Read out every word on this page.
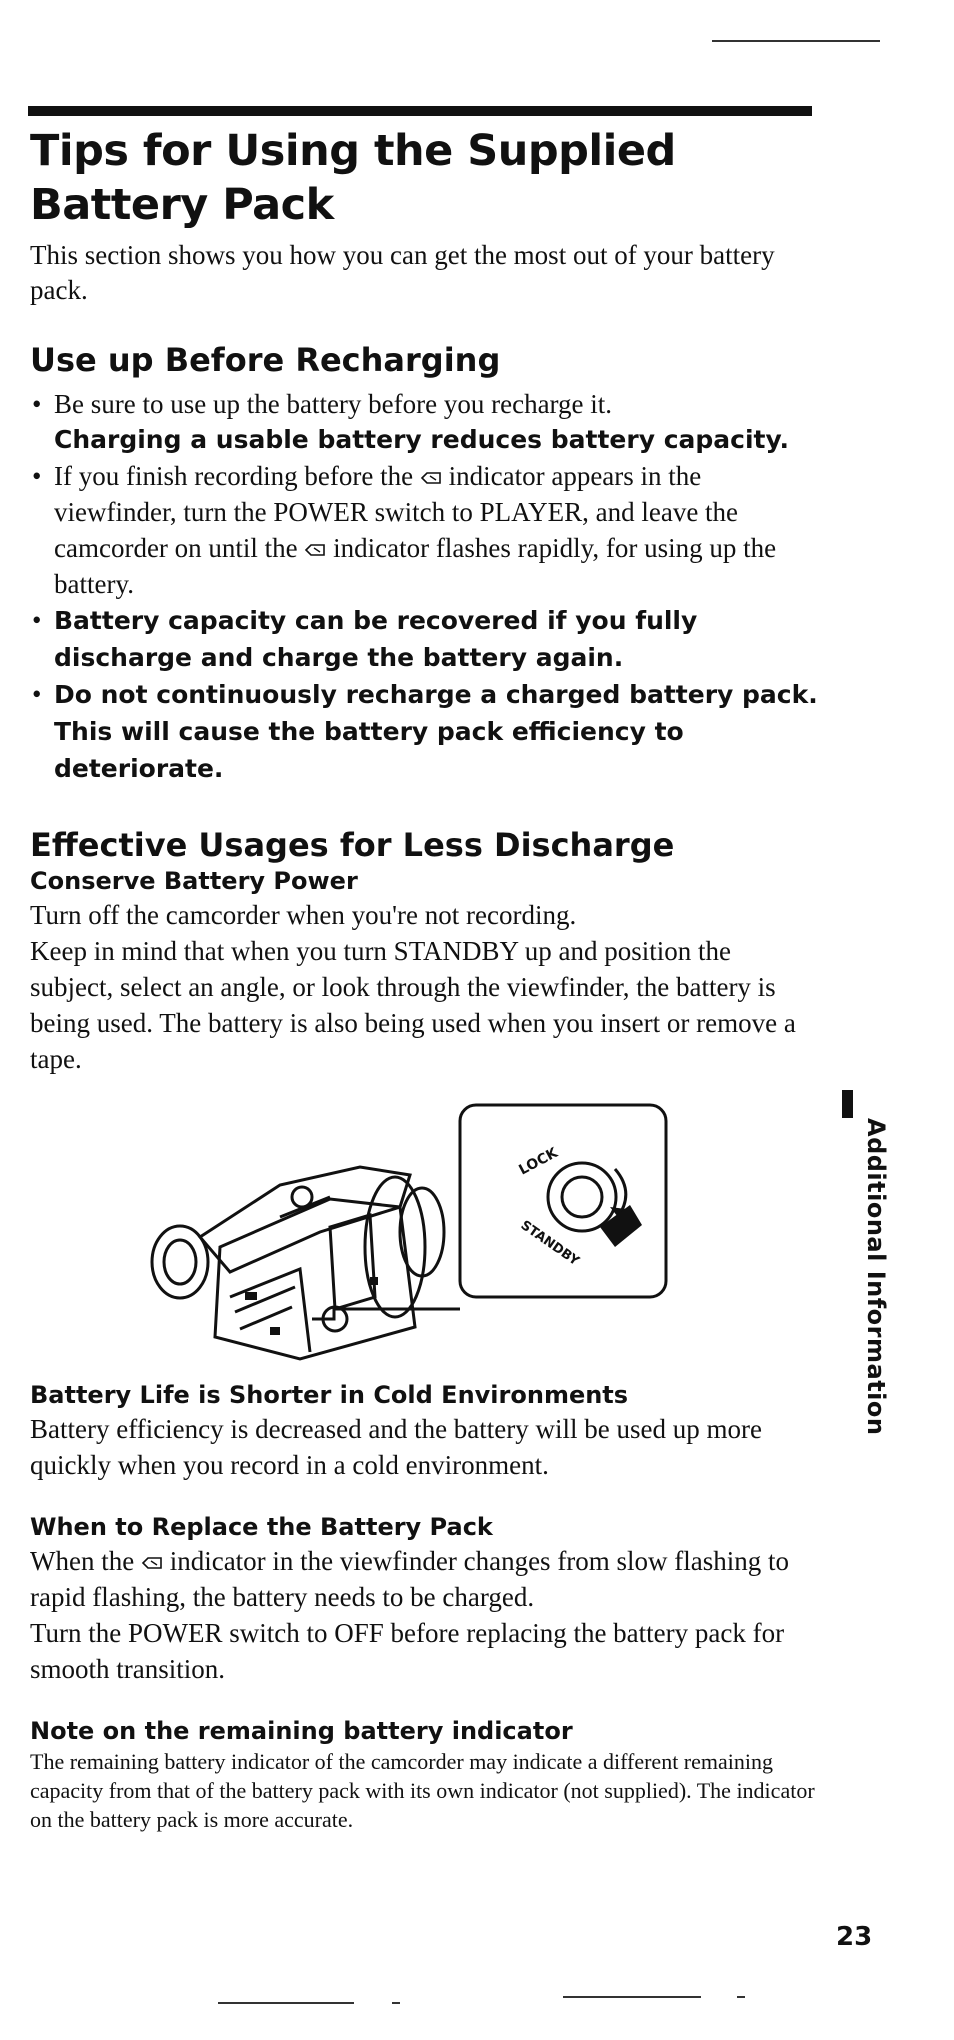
Tips for Using the Supplied Battery Pack

This section shows you how you can get the most out of your battery pack.

Use up Before Recharging
• Be sure to use up the battery before you recharge it.
Charging a usable battery reduces battery capacity.
• If you finish recording before the indicator appears in the viewfinder, turn the POWER switch to PLAYER, and leave the camcorder on until the indicator flashes rapidly, for using up the battery.
• Battery capacity can be recovered if you fully discharge and charge the battery again.
• Do not continuously recharge a charged battery pack. This will cause the battery pack efficiency to deteriorate.
Effective Usages for Less Discharge
Conserve Battery Power

Turn off the camcorder when you're not recording.

Keep in mind that when you turn STANDBY up and position the subject, select an angle, or look through the viewfinder, the battery is being used. The battery is also being used when you insert or remove a tape.

LOCK
STANDBY
Battery Life is Shorter in Cold Environments

Battery efficiency is decreased and the battery will be used up more quickly when you record in a cold environment.

When to Replace the Battery Pack

When the indicator in the viewfinder changes from slow flashing to rapid flashing, the battery needs to be charged.

Turn the POWER switch to OFF before replacing the battery pack for smooth transition.

Note on the remaining battery indicator

The remaining battery indicator of the camcorder may indicate a different remaining capacity from that of the battery pack with its own indicator (not supplied). The indicator on the battery pack is more accurate.

Additional Information
23
